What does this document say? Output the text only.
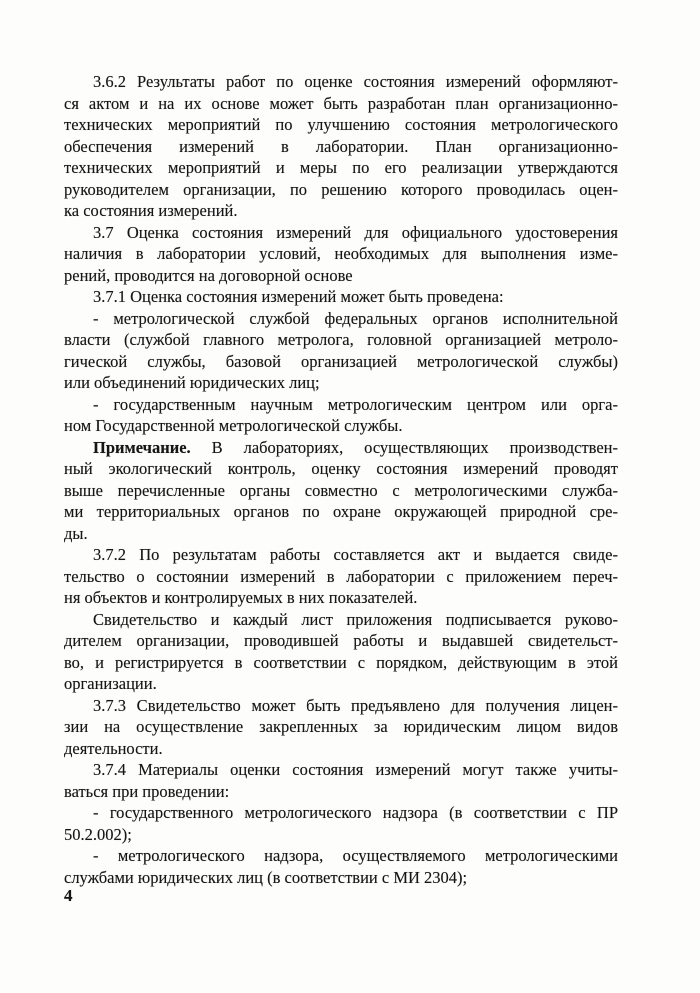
3.6.2 Результаты работ по оценке состояния измерений оформляют-
ся актом и на их основе может быть разработан план организационно-
технических мероприятий по улучшению состояния метрологического
обеспечения измерений в лаборатории. План организационно-
технических мероприятий и меры по его реализации утверждаются
руководителем организации, по решению которого проводилась оцен-
ка состояния измерений.
3.7 Оценка состояния измерений для официального удостоверения
наличия в лаборатории условий, необходимых для выполнения изме-
рений, проводится на договорной основе
3.7.1 Оценка состояния измерений может быть проведена:
- метрологической службой федеральных органов исполнительной
власти (службой главного метролога, головной организацией метроло-
гической службы, базовой организацией метрологической службы)
или объединений юридических лиц;
- государственным научным метрологическим центром или орга-
ном Государственной метрологической службы.
Примечание. В лабораториях, осуществляющих производствен-
ный экологический контроль, оценку состояния измерений проводят
выше перечисленные органы совместно с метрологическими служба-
ми территориальных органов по охране окружающей природной сре-
ды.
3.7.2 По результатам работы составляется акт и выдается свиде-
тельство о состоянии измерений в лаборатории с приложением переч-
ня объектов и контролируемых в них показателей.
Свидетельство и каждый лист приложения подписывается руково-
дителем организации, проводившей работы и выдавшей свидетельст-
во, и регистрируется в соответствии с порядком, действующим в этой
организации.
3.7.3 Свидетельство может быть предъявлено для получения лицен-
зии на осуществление закрепленных за юридическим лицом видов
деятельности.
3.7.4 Материалы оценки состояния измерений могут также учиты-
ваться при проведении:
- государственного метрологического надзора (в соответствии с ПР
50.2.002);
- метрологического надзора, осуществляемого метрологическими
службами юридических лиц (в соответствии с МИ 2304);
4
